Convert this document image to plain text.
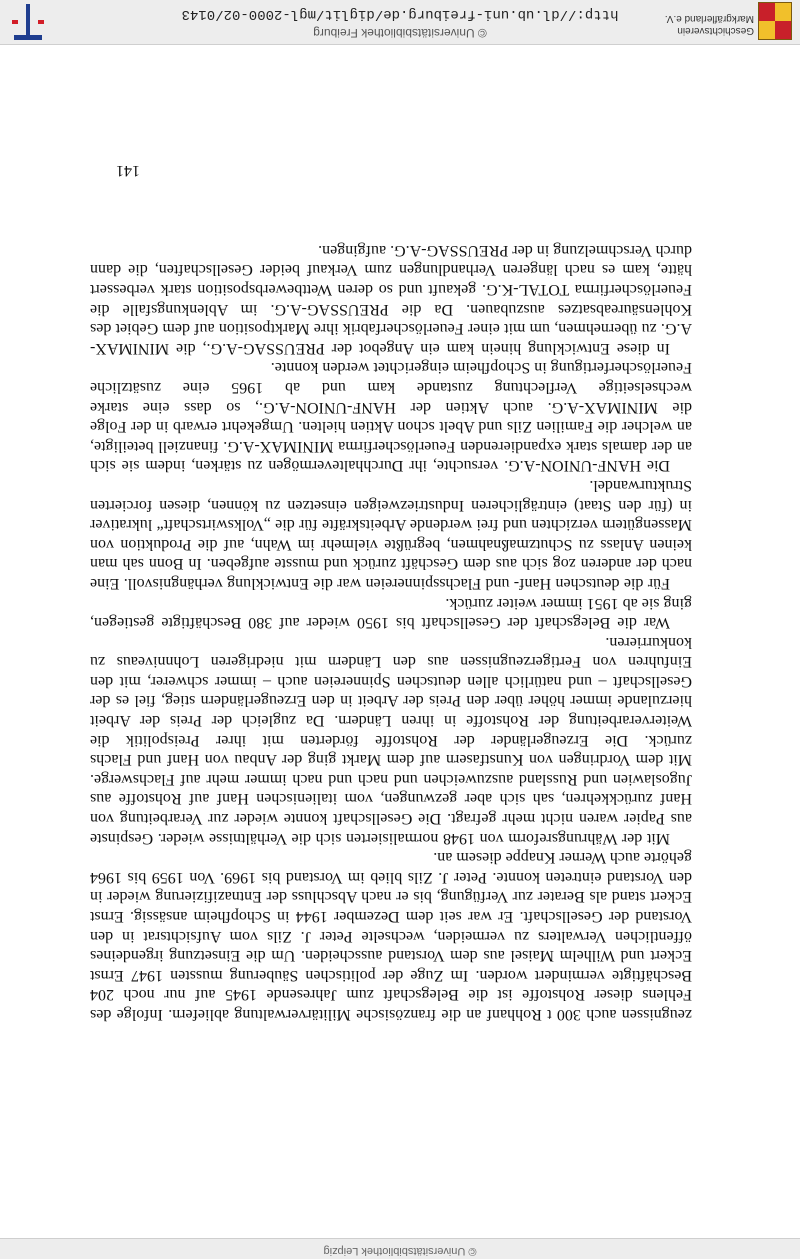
© Universitätsbibliothek Leipzig

zeugnissen auch 300 t Rohhanf an die französische Militärverwaltung abliefern. Infolge des Fehlens dieser Rohstoffe ist die Belegschaft zum Jahresende 1945 auf nur noch 204 Beschäftigte vermindert worden. Im Zuge der politischen Säuberung mussten 1947 Ernst Eckert und Wilhelm Maisel aus dem Vorstand ausscheiden. Um die Einsetzung irgendeines öffentlichen Verwalters zu vermeiden, wechselte Peter J. Zils vom Aufsichtsrat in den Vorstand der Gesellschaft. Er war seit dem Dezember 1944 in Schopfheim ansässig. Ernst Eckert stand als Berater zur Verfügung, bis er nach Abschluss der Entnazifizierung wieder in den Vorstand eintreten konnte. Peter J. Zils blieb im Vorstand bis 1969. Von 1959 bis 1964 gehörte auch Werner Knappe diesem an.

Mit der Währungsreform von 1948 normalisierten sich die Verhältnisse wieder. Gespinste aus Papier waren nicht mehr gefragt. Die Gesellschaft konnte wieder zur Verarbeitung von Hanf zurückkehren, sah sich aber gezwungen, vom italienischen Hanf auf Rohstoffe aus Jugoslawien und Russland auszuweichen und nach und nach immer mehr auf Flachswerge. Mit dem Vordringen von Kunstfasern auf dem Markt ging der Anbau von Hanf und Flachs zurück. Die Erzeugerländer der Rohstoffe förderten mit ihrer Preispolitik die Weiterverarbeitung der Rohstoffe in ihren Ländern. Da zugleich der Preis der Arbeit hierzulande immer höher über den Preis der Arbeit in den Erzeugerländern stieg, fiel es der Gesellschaft – und natürlich allen deutschen Spinnereien auch – immer schwerer, mit den Einfuhren von Fertigerzeugnissen aus den Ländern mit niedrigeren Lohnniveaus zu konkurrieren.

War die Belegschaft der Gesellschaft bis 1950 wieder auf 380 Beschäftigte gestiegen, ging sie ab 1951 immer weiter zurück.

Für die deutschen Hanf- und Flachsspinnereien war die Entwicklung verhängnisvoll. Eine nach der anderen zog sich aus dem Geschäft zurück und musste aufgeben. In Bonn sah man keinen Anlass zu Schutzmaßnahmen, begrüßte vielmehr im Wahn, auf die Produktion von Massengütern verzichten und frei werdende Arbeitskräfte für die „Volkswirtschaft“ lukrativer in (für den Staat) einträglicheren Industriezweigen einsetzen zu können, diesen forcierten Strukturwandel.

Die HANF-UNION-A.G. versuchte, ihr Durchhaltevermögen zu stärken, indem sie sich an der damals stark expandierenden Feuerlöscherfirma MINIMAX-A.G. finanziell beteiligte, an welcher die Familien Zils und Abelt schon Aktien hielten. Umgekehrt erwarb in der Folge die MINIMAX-A.G. auch Aktien der HANF-UNION-A.G., so dass eine starke wechselseitige Verflechtung zustande kam und ab 1965 eine zusätzliche Feuerlöscherfertigung in Schopfheim eingerichtet werden konnte.

In diese Entwicklung hinein kam ein Angebot der PREUSSAG-A.G., die MINIMAX-A.G. zu übernehmen, um mit einer Feuerlöscherfabrik ihre Marktposition auf dem Gebiet des Kohlensäureabsatzes auszubauen. Da die PREUSSAG-A.G. im Ablenkungsfalle die Feuerlöscherfirma TOTAL-K.G. gekauft und so deren Wettbewerbsposition stark verbessert hätte, kam es nach längeren Verhandlungen zum Verkauf beider Gesellschaften, die dann durch Verschmelzung in der PREUSSAG-A.G. aufgingen.

141
Geschichtsverein
Markgräflerland e.V.
© Universitätsbibliothek Freiburg
http://dl.ub.uni-freiburg.de/diglit/mgl-2000-02/0143
